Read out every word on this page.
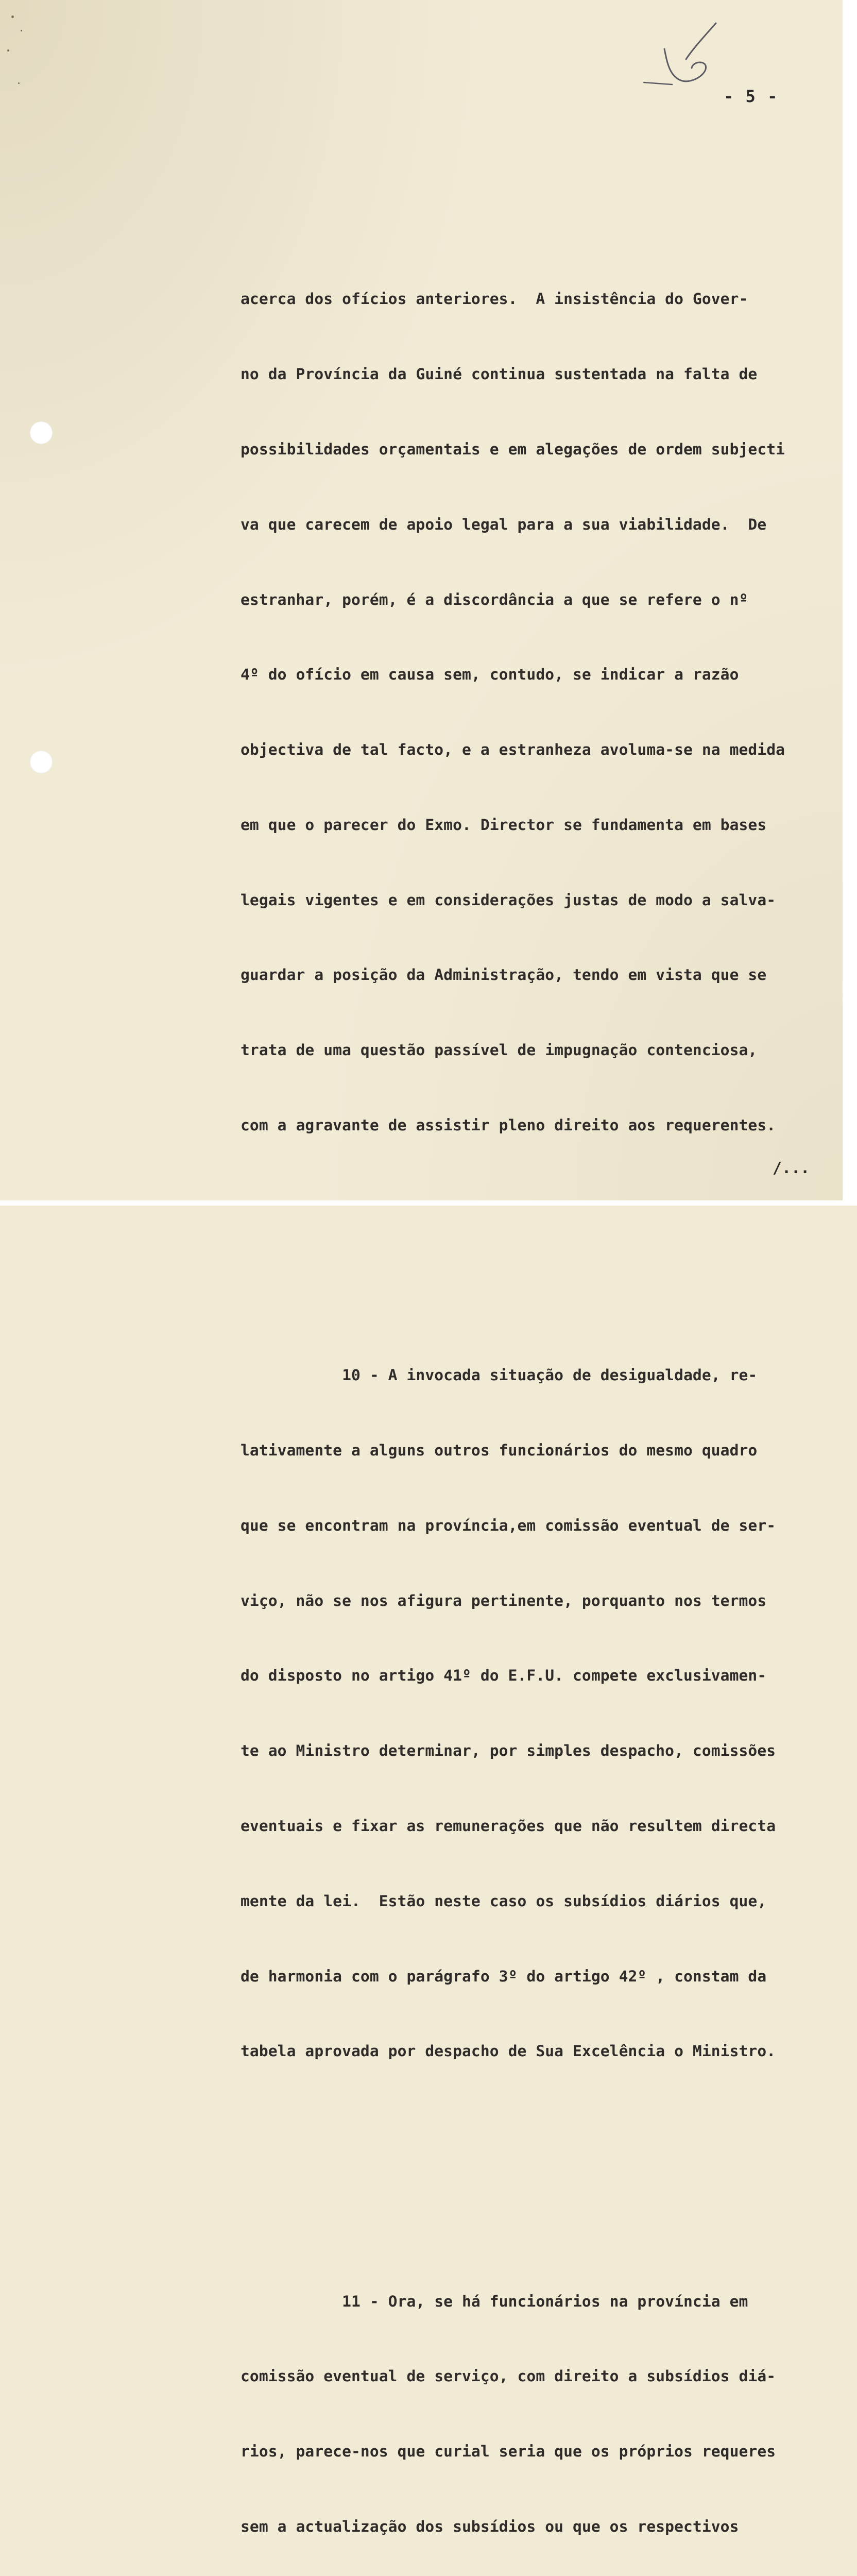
- 5 -

acerca dos ofícios anteriores.  A insistência do Gover-

no da Província da Guiné continua sustentada na falta de

possibilidades orçamentais e em alegações de ordem subjecti

va que carecem de apoio legal para a sua viabilidade.  De

estranhar, porém, é a discordância a que se refere o nº

4º do ofício em causa sem, contudo, se indicar a razão

objectiva de tal facto, e a estranheza avoluma-se na medida

em que o parecer do Exmo. Director se fundamenta em bases

legais vigentes e em considerações justas de modo a salva-

guardar a posição da Administração, tendo em vista que se

trata de uma questão passível de impugnação contenciosa,

com a agravante de assistir pleno direito aos requerentes.

10 - A invocada situação de desigualdade, re-

lativamente a alguns outros funcionários do mesmo quadro

que se encontram na província,em comissão eventual de ser-

viço, não se nos afigura pertinente, porquanto nos termos

do disposto no artigo 41º do E.F.U. compete exclusivamen-

te ao Ministro determinar, por simples despacho, comissões

eventuais e fixar as remunerações que não resultem directa

mente da lei.  Estão neste caso os subsídios diários que,

de harmonia com o parágrafo 3º do artigo 42º , constam da

tabela aprovada por despacho de Sua Excelência o Ministro.

11 - Ora, se há funcionários na província em

comissão eventual de serviço, com direito a subsídios diá-

rios, parece-nos que curial seria que os próprios requeres

sem a actualização dos subsídios ou que os respectivos

/...
